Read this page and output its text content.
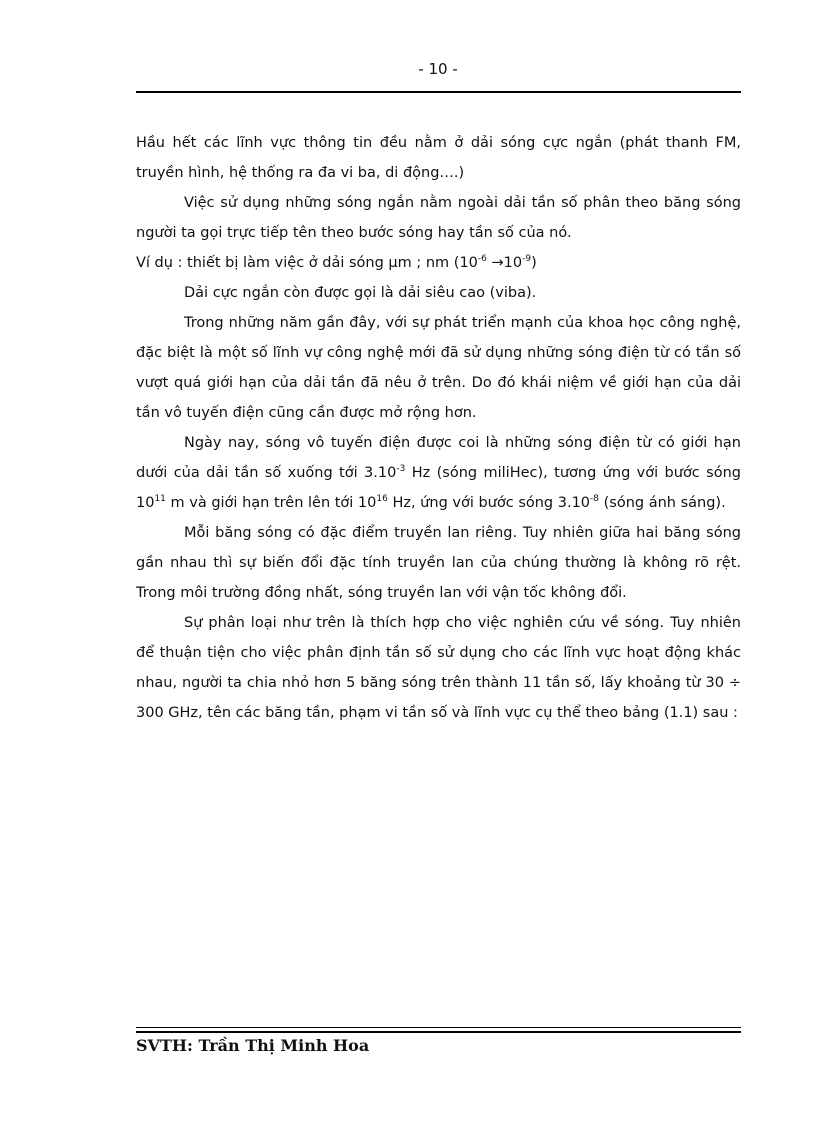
- 10 -

Hầu hết các lĩnh vực thông tin đều nằm ở dải sóng cực ngắn (phát thanh FM, truyền hình, hệ thống ra đa vi ba, di động….)

Việc sử dụng những sóng ngắn nằm ngoài dải tần số phân theo băng sóng người ta gọi trực tiếp tên theo bước sóng hay tần số của nó.

Ví dụ : thiết bị làm việc ở dải sóng µm ; nm $(10^{-6} \to 10^{-9})$

Dải cực ngắn còn được gọi là dải siêu cao (viba).

Trong những năm gần đây, với sự phát triển mạnh của khoa học công nghệ, đặc biệt là một số lĩnh vự công nghệ mới đã sử dụng những sóng điện từ có tần số vượt quá giới hạn của dải tần đã nêu ở trên. Do đó khái niệm về giới hạn của dải tần vô tuyến điện cũng cần được mở rộng hơn.

Ngày nay, sóng vô tuyến điện được coi là những sóng điện từ có giới hạn dưới của dải tần số xuống tới $3.10^{-3}$ Hz (sóng miliHec), tương ứng với bước sóng $10^{11}$ m và giới hạn trên lên tới $10^{16}$ Hz, ứng với bước sóng $3.10^{-8}$ (sóng ánh sáng).

Mỗi băng sóng có đặc điểm truyền lan riêng. Tuy nhiên giữa hai băng sóng gần nhau thì sự biến đổi đặc tính truyền lan của chúng thường là không rõ rệt. Trong môi trường đồng nhất, sóng truyền lan với vận tốc không đổi.

Sự phân loại như trên là thích hợp cho việc nghiên cứu về sóng. Tuy nhiên để thuận tiện cho việc phân định tần số sử dụng cho các lĩnh vực hoạt động khác nhau, người ta chia nhỏ hơn 5 băng sóng trên thành 11 tần số, lấy khoảng từ 30 ÷ 300 GHz, tên các băng tần, phạm vi tần số và lĩnh vực cụ thể theo bảng (1.1) sau :

SVTH: Trần Thị Minh Hoa
